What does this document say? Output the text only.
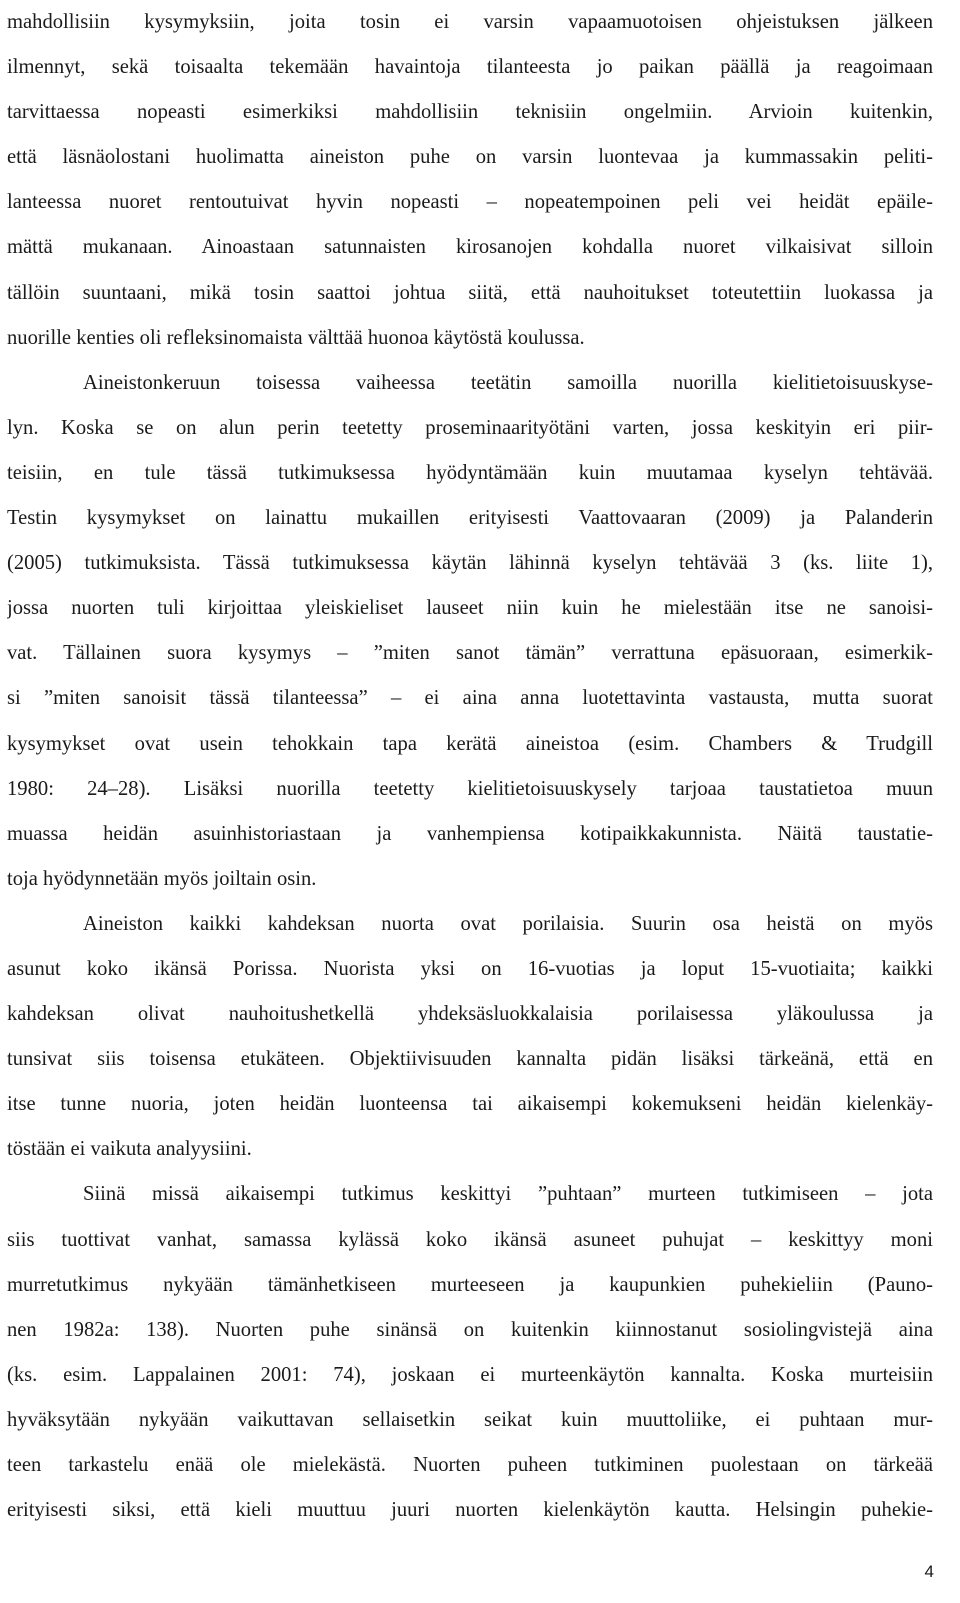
mahdollisiin kysymyksiin, joita tosin ei varsin vapaamuotoisen ohjeistuksen jälkeen
ilmennyt, sekä toisaalta tekemään havaintoja tilanteesta jo paikan päällä ja reagoimaan
tarvittaessa nopeasti esimerkiksi mahdollisiin teknisiin ongelmiin. Arvioin kuitenkin,
että läsnäolostani huolimatta aineiston puhe on varsin luontevaa ja kummassakin peliti-
lanteessa nuoret rentoutuivat hyvin nopeasti – nopeatempoinen peli vei heidät epäile-
mättä mukanaan. Ainoastaan satunnaisten kirosanojen kohdalla nuoret vilkaisivat silloin
tällöin suuntaani, mikä tosin saattoi johtua siitä, että nauhoitukset toteutettiin luokassa ja
nuorille kenties oli refleksinomaista välttää huonoa käytöstä koulussa.
Aineistonkeruun toisessa vaiheessa teetätin samoilla nuorilla kielitietoisuuskyse-
lyn. Koska se on alun perin teetetty proseminaarityötäni varten, jossa keskityin eri piir-
teisiin, en tule tässä tutkimuksessa hyödyntämään kuin muutamaa kyselyn tehtävää.
Testin kysymykset on lainattu mukaillen erityisesti Vaattovaaran (2009) ja Palanderin
(2005) tutkimuksista. Tässä tutkimuksessa käytän lähinnä kyselyn tehtävää 3 (ks. liite 1),
jossa nuorten tuli kirjoittaa yleiskieliset lauseet niin kuin he mielestään itse ne sanoisi-
vat. Tällainen suora kysymys – ”miten sanot tämän” verrattuna epäsuoraan, esimerkik-
si ”miten sanoisit tässä tilanteessa” – ei aina anna luotettavinta vastausta, mutta suorat
kysymykset ovat usein tehokkain tapa kerätä aineistoa (esim. Chambers & Trudgill
1980: 24–28). Lisäksi nuorilla teetetty kielitietoisuuskysely tarjoaa taustatietoa muun
muassa heidän asuinhistoriastaan ja vanhempiensa kotipaikkakunnista. Näitä taustatie-
toja hyödynnetään myös joiltain osin.
Aineiston kaikki kahdeksan nuorta ovat porilaisia. Suurin osa heistä on myös
asunut koko ikänsä Porissa. Nuorista yksi on 16-vuotias ja loput 15-vuotiaita; kaikki
kahdeksan olivat nauhoitushetkellä yhdeksäsluokkalaisia porilaisessa yläkoulussa ja
tunsivat siis toisensa etukäteen. Objektiivisuuden kannalta pidän lisäksi tärkeänä, että en
itse tunne nuoria, joten heidän luonteensa tai aikaisempi kokemukseni heidän kielenkäy-
töstään ei vaikuta analyysiini.
Siinä missä aikaisempi tutkimus keskittyi ”puhtaan” murteen tutkimiseen – jota
siis tuottivat vanhat, samassa kylässä koko ikänsä asuneet puhujat – keskittyy moni
murretutkimus nykyään tämänhetkiseen murteeseen ja kaupunkien puhekieliin (Pauno-
nen 1982a: 138). Nuorten puhe sinänsä on kuitenkin kiinnostanut sosiolingvistejä aina
(ks. esim. Lappalainen 2001: 74), joskaan ei murteenkäytön kannalta. Koska murteisiin
hyväksytään nykyään vaikuttavan sellaisetkin seikat kuin muuttoliike, ei puhtaan mur-
teen tarkastelu enää ole mielekästä. Nuorten puheen tutkiminen puolestaan on tärkeää
erityisesti siksi, että kieli muuttuu juuri nuorten kielenkäytön kautta. Helsingin puhekie-
4
